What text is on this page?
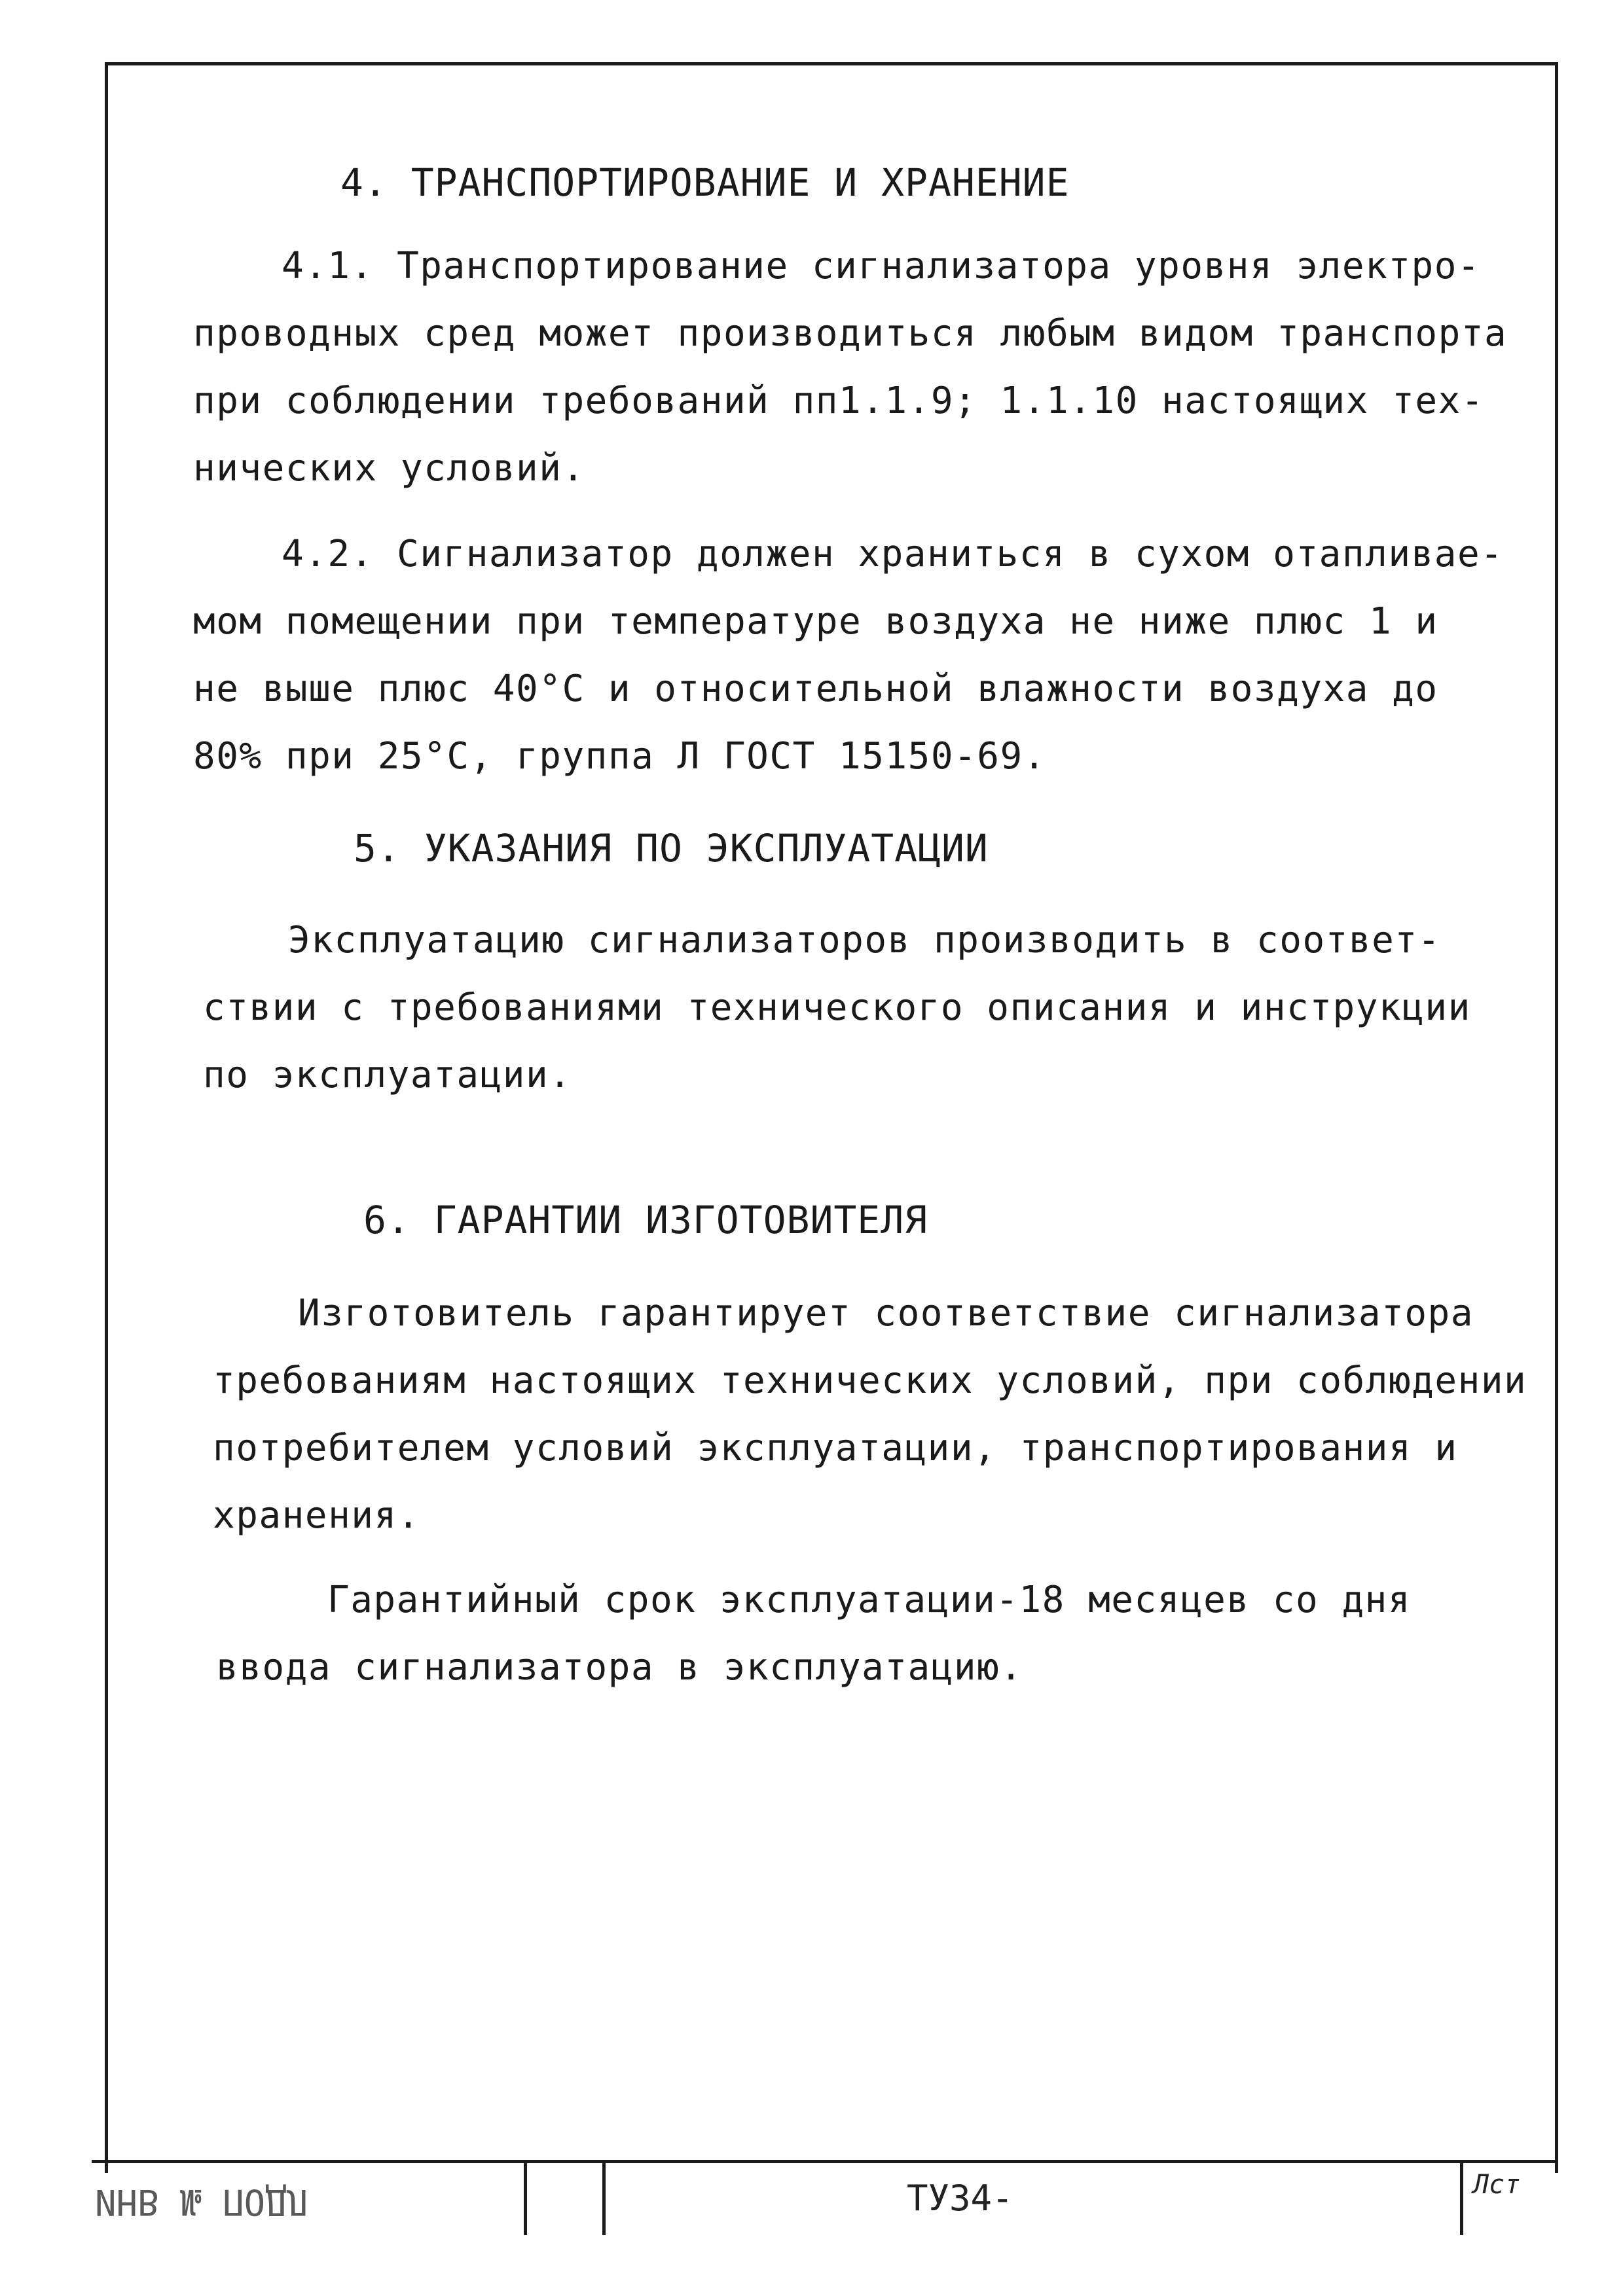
4. ТРАНСПОРТИРОВАНИЕ И ХРАНЕНИЕ
4.1. Транспортирование сигнализатора уровня электро-
проводных сред может производиться любым видом транспорта
при соблюдении требований пп1.1.9; 1.1.10 настоящих тех-
нических условий.
4.2. Сигнализатор должен храниться в сухом отапливае-
мом помещении при температуре воздуха не ниже плюс 1 и
не выше плюс 40°С и относительной влажности воздуха до
80% при 25°С, группа Л ГОСТ 15150-69.
5. УКАЗАНИЯ ПО ЭКСПЛУАТАЦИИ
Эксплуатацию сигнализаторов производить в соответ-
ствии с требованиями технического описания и инструкции
по эксплуатации.
6. ГАРАНТИИ ИЗГОТОВИТЕЛЯ
Изготовитель гарантирует соответствие сигнализатора
требованиям настоящих технических условий, при соблюдении
потребителем условий эксплуатации, транспортирования и
хранения.
Гарантийный срок эксплуатации-18 месяцев со дня
ввода сигнализатора в эксплуатацию.
ИНВ № ПОДЛ	ТУ34-	Лст
